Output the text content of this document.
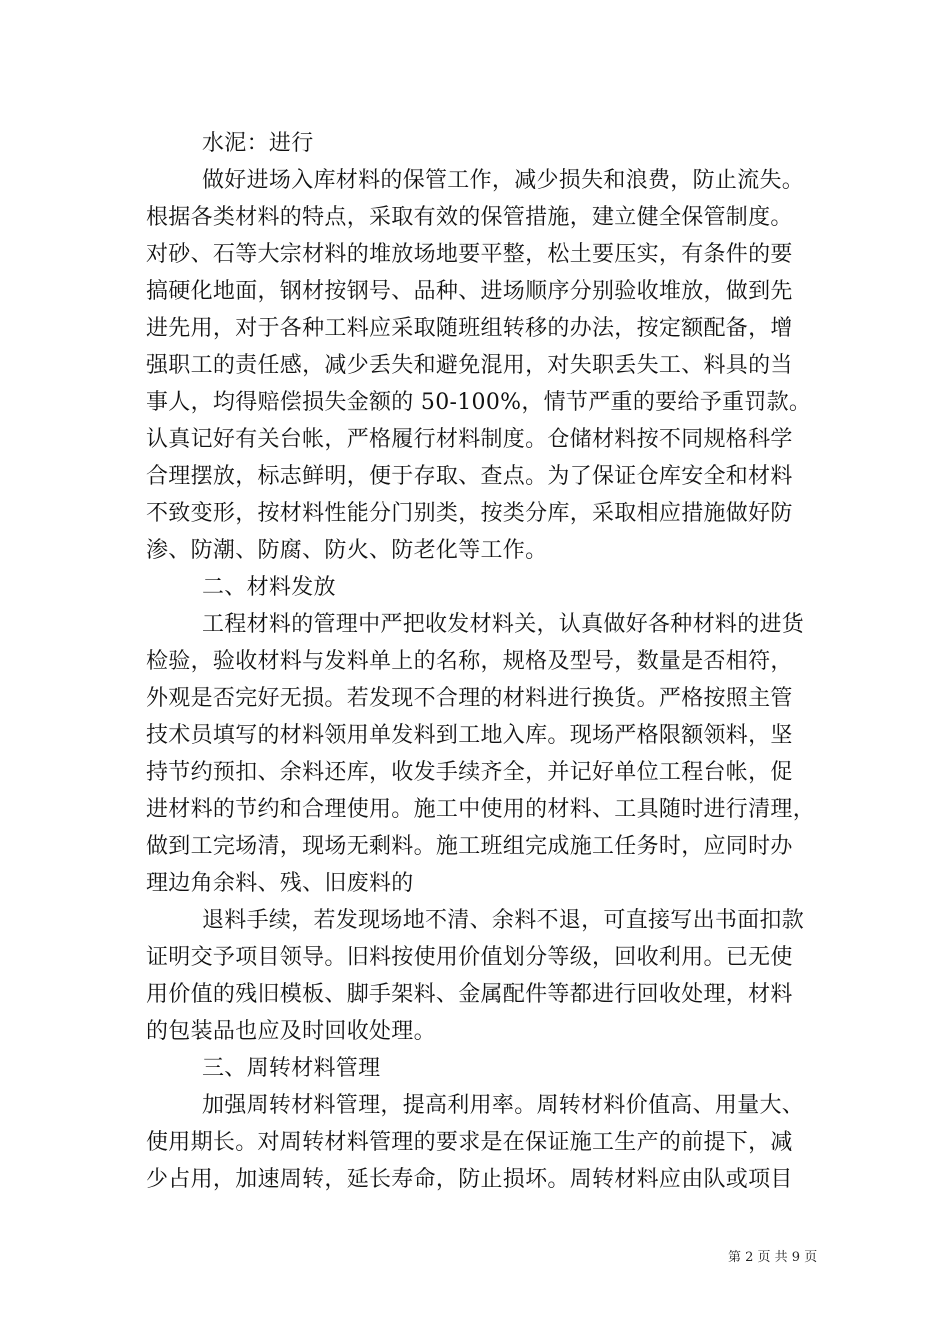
水泥：进行
做好进场入库材料的保管工作，减少损失和浪费，防止流失。
根据各类材料的特点，采取有效的保管措施，建立健全保管制度。
对砂、石等大宗材料的堆放场地要平整，松土要压实，有条件的要
搞硬化地面，钢材按钢号、品种、进场顺序分别验收堆放，做到先
进先用，对于各种工料应采取随班组转移的办法，按定额配备，增
强职工的责任感，减少丢失和避免混用，对失职丢失工、料具的当
事人，均得赔偿损失金额的 50-100%，情节严重的要给予重罚款。
认真记好有关台帐，严格履行材料制度。仓储材料按不同规格科学
合理摆放，标志鲜明，便于存取、查点。为了保证仓库安全和材料
不致变形，按材料性能分门别类，按类分库，采取相应措施做好防
渗、防潮、防腐、防火、防老化等工作。
二、材料发放
工程材料的管理中严把收发材料关，认真做好各种材料的进货
检验，验收材料与发料单上的名称，规格及型号，数量是否相符，
外观是否完好无损。若发现不合理的材料进行换货。严格按照主管
技术员填写的材料领用单发料到工地入库。现场严格限额领料，坚
持节约预扣、余料还库，收发手续齐全，并记好单位工程台帐，促
进材料的节约和合理使用。施工中使用的材料、工具随时进行清理，
做到工完场清，现场无剩料。施工班组完成施工任务时，应同时办
理边角余料、残、旧废料的
退料手续，若发现场地不清、余料不退，可直接写出书面扣款
证明交予项目领导。旧料按使用价值划分等级，回收利用。已无使
用价值的残旧模板、脚手架料、金属配件等都进行回收处理，材料
的包装品也应及时回收处理。
三、周转材料管理
加强周转材料管理，提高利用率。周转材料价值高、用量大、
使用期长。对周转材料管理的要求是在保证施工生产的前提下，减
少占用，加速周转，延长寿命，防止损坏。周转材料应由队或项目
第 2 页 共 9 页
